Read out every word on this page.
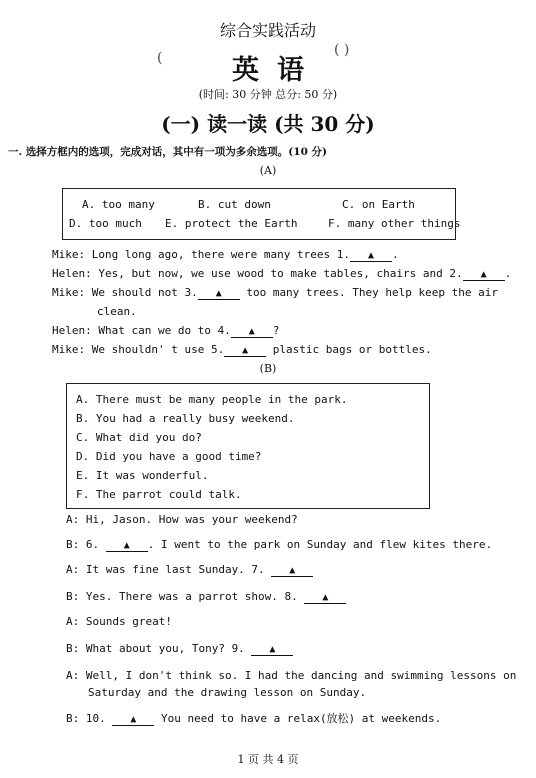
综合实践活动
(	英语
( )
(时间: 30 分钟 总分: 50 分)
(一) 读一读 (共 30 分)
一. 选择方框内的选项，完成对话，其中有一项为多余选项。(10 分)
(A)
A. too many	B. cut down	C. on Earth
D. too much E. protect the Earth	F. many other things
Mike: Long long ago, there were many trees 1. ▲ .
Helen: Yes, but now, we use wood to make tables, chairs and 2. ▲ .
Mike: We should not 3. ▲ too many trees. They help keep the air
clean.
Helen: What can we do to 4. ▲ ?
Mike: We shouldn' t use 5. ▲ plastic bags or bottles.
(B)
A. There must be many people in the park.
B. You had a really busy weekend.
C. What did you do?
D. Did you have a good time?
E. It was wonderful.
F. The parrot could talk.
A: Hi, Jason. How was your weekend?
B: 6. ▲ . I went to the park on Sunday and flew kites there.
A: It was fine last Sunday. 7. ▲
B: Yes. There was a parrot show. 8. ▲
A: Sounds great!
B: What about you, Tony? 9. ▲
A: Well, I don't think so. I had the dancing and swimming lessons on
Saturday and the drawing lesson on Sunday.
B: 10. ▲ You need to have a relax(放松) at weekends.
1 页 共 4 页
